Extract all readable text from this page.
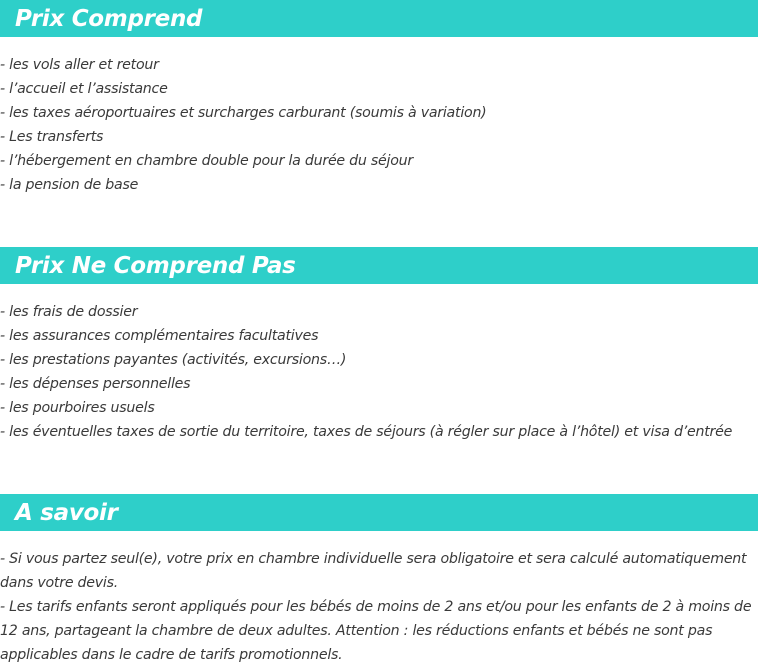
Prix Comprend

- les vols aller et retour

- l’accueil et l’assistance

- les taxes aéroportuaires et surcharges carburant (soumis à variation)

- Les transferts

- l’hébergement en chambre double pour la durée du séjour

- la pension de base

Prix Ne Comprend Pas

- les frais de dossier

- les assurances complémentaires facultatives

- les prestations payantes (activités, excursions…)

- les dépenses personnelles

- les pourboires usuels

- les éventuelles taxes de sortie du territoire, taxes de séjours (à régler sur place à l’hôtel) et visa d’entrée

A savoir

- Si vous partez seul(e), votre prix en chambre individuelle sera obligatoire et sera calculé automatiquement dans votre devis.

- Les tarifs enfants seront appliqués pour les bébés de moins de 2 ans et/ou pour les enfants de 2 à moins de 12 ans, partageant la chambre de deux adultes. Attention : les réductions enfants et bébés ne sont pas applicables dans le cadre de tarifs promotionnels.
